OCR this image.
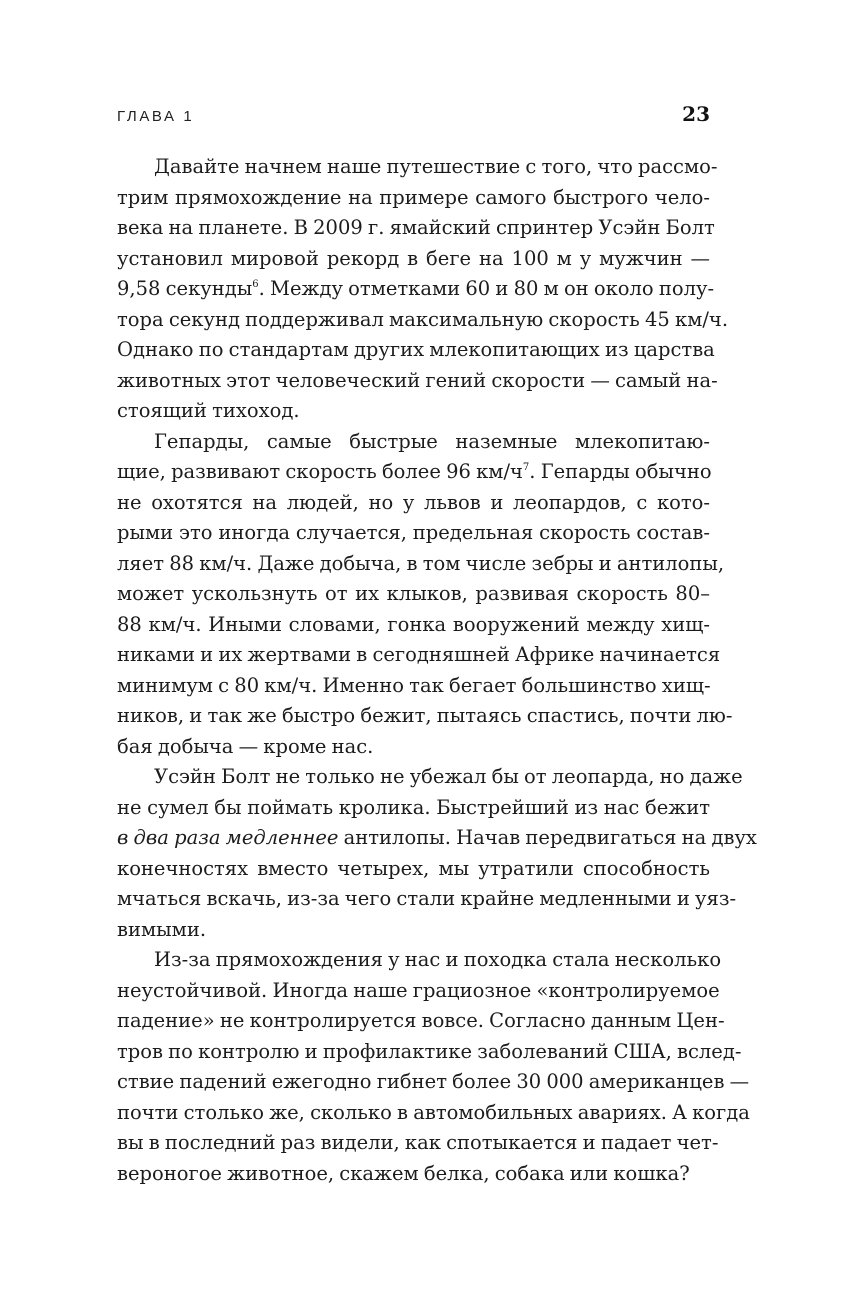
ГЛАВА 1	23
Давайте начнем наше путешествие с того, что рассмо-
трим прямохождение на примере самого быстрого чело-
века на планете. В 2009 г. ямайский спринтер Усэйн Болт
установил мировой рекорд в беге на 100 м у мужчин —
9,58 секунды$^6$. Между отметками 60 и 80 м он около полу-
тора секунд поддерживал максимальную скорость 45 км/ч.
Однако по стандартам других млекопитающих из царства
животных этот человеческий гений скорости — самый на-
стоящий тихоход.
Гепарды, самые быстрые наземные млекопитаю-
щие, развивают скорость более 96 $км/ч^7$. Гепарды обычно
не охотятся на людей, но у львов и леопардов, с кото-
рыми это иногда случается, предельная скорость состав-
ляет 88 км/ч. Даже добыча, в том числе зебры и антилопы,
может ускользнуть от их клыков, развивая скорость 80–
88 км/ч. Иными словами, гонка вооружений между хищ-
никами и их жертвами в сегодняшней Африке начинается
минимум с 80 км/ч. Именно так бегает большинство хищ-
ников, и так же быстро бежит, пытаясь спастись, почти лю-
бая добыча — кроме нас.
Усэйн Болт не только не убежал бы от леопарда, но даже
не сумел бы поймать кролика. Быстрейший из нас бежит
в два раза медленнее антилопы. Начав передвигаться на двух
конечностях вместо четырех, мы утратили способность
мчаться вскачь, из-за чего стали крайне медленными и уяз-
вимыми.
Из-за прямохождения у нас и походка стала несколько
неустойчивой. Иногда наше грациозное «контролируемое
падение» не контролируется вовсе. Согласно данным Цен-
тров по контролю и профилактике заболеваний США, вслед-
ствие падений ежегодно гибнет более 30 000 американцев —
почти столько же, сколько в автомобильных авариях. А когда
вы в последний раз видели, как спотыкается и падает чет-
вероногое животное, скажем белка, собака или кошка?
